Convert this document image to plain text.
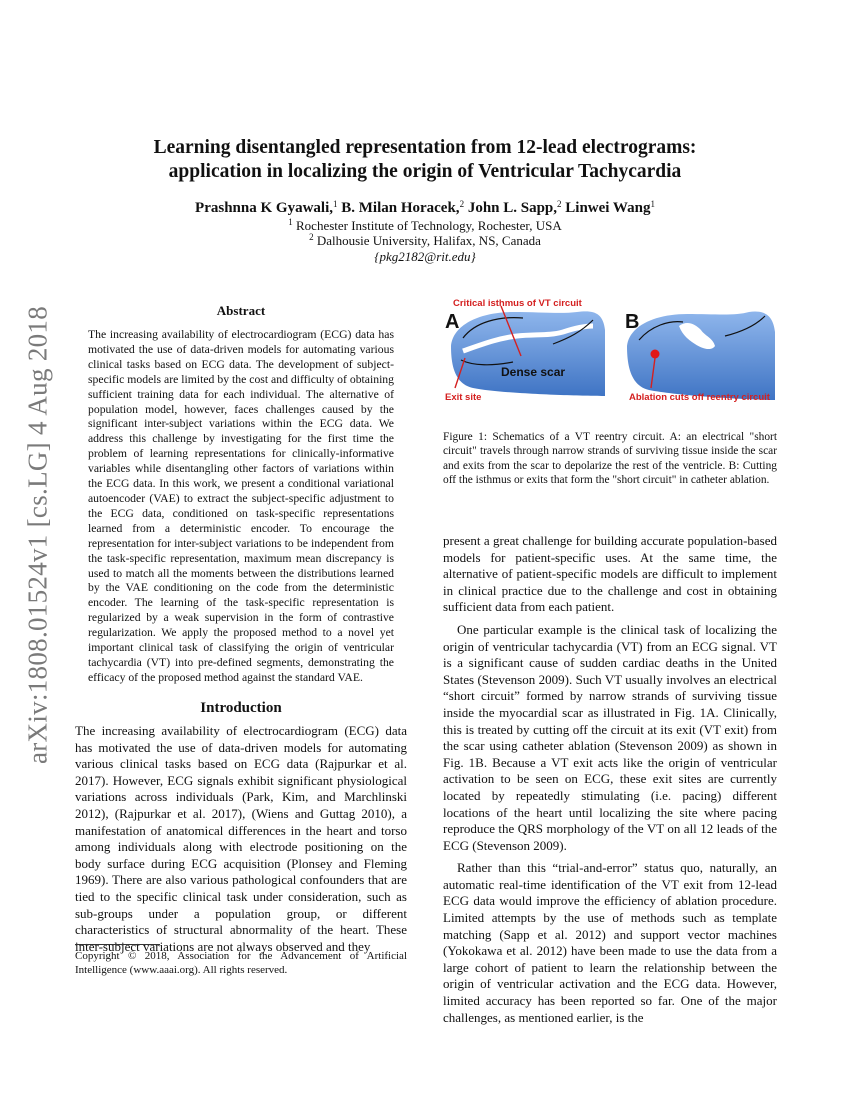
arXiv:1808.01524v1 [cs.LG] 4 Aug 2018
Learning disentangled representation from 12-lead electrograms:
application in localizing the origin of Ventricular Tachycardia
Prashnna K Gyawali,$^1$ B. Milan Horacek,$^2$ John L. Sapp,$^2$ Linwei Wang$^1$
$^1$ Rochester Institute of Technology, Rochester, USA
$^2$ Dalhousie University, Halifax, NS, Canada
{pkg2182@rit.edu}
Abstract
The increasing availability of electrocardiogram (ECG) data has motivated the use of data-driven models for automating various clinical tasks based on ECG data. The development of subject-specific models are limited by the cost and difficulty of obtaining sufficient training data for each individual. The alternative of population model, however, faces challenges caused by the significant inter-subject variations within the ECG data. We address this challenge by investigating for the first time the problem of learning representations for clinically-informative variables while disentangling other factors of variations within the ECG data. In this work, we present a conditional variational autoencoder (VAE) to extract the subject-specific adjustment to the ECG data, conditioned on task-specific representations learned from a deterministic encoder. To encourage the representation for inter-subject variations to be independent from the task-specific representation, maximum mean discrepancy is used to match all the moments between the distributions learned by the VAE conditioning on the code from the deterministic encoder. The learning of the task-specific representation is regularized by a weak supervision in the form of contrastive regularization. We apply the proposed method to a novel yet important clinical task of classifying the origin of ventricular tachycardia (VT) into pre-defined segments, demonstrating the efficacy of the proposed method against the standard VAE.
Introduction
The increasing availability of electrocardiogram (ECG) data has motivated the use of data-driven models for automating various clinical tasks based on ECG data (Rajpurkar et al. 2017). However, ECG signals exhibit significant physiological variations across individuals (Park, Kim, and Marchlinski 2012), (Rajpurkar et al. 2017), (Wiens and Guttag 2010), a manifestation of anatomical differences in the heart and torso among individuals along with electrode positioning on the body surface during ECG acquisition (Plonsey and Fleming 1969). There are also various pathological confounders that are tied to the specific clinical task under consideration, such as sub-groups under a population group, or different characteristics of structural abnormality of the heart. These inter-subject variations are not always observed and they
Copyright © 2018, Association for the Advancement of Artificial Intelligence (www.aaai.org). All rights reserved.
A
Critical isthmus of VT circuit
Dense scar
Exit site
B
Ablation cuts off reentry circuit
Figure 1: Schematics of a VT reentry circuit. A: an electrical "short circuit" travels through narrow strands of surviving tissue inside the scar and exits from the scar to depolarize the rest of the ventricle. B: Cutting off the isthmus or exits that form the "short circuit" in catheter ablation.

present a great challenge for building accurate population-based models for patient-specific uses. At the same time, the alternative of patient-specific models are difficult to implement in clinical practice due to the challenge and cost in obtaining sufficient data from each patient.

One particular example is the clinical task of localizing the origin of ventricular tachycardia (VT) from an ECG signal. VT is a significant cause of sudden cardiac deaths in the United States (Stevenson 2009). Such VT usually involves an electrical “short circuit” formed by narrow strands of surviving tissue inside the myocardial scar as illustrated in Fig. 1A. Clinically, this is treated by cutting off the circuit at its exit (VT exit) from the scar using catheter ablation (Stevenson 2009) as shown in Fig. 1B. Because a VT exit acts like the origin of ventricular activation to be seen on ECG, these exit sites are currently located by repeatedly stimulating (i.e. pacing) different locations of the heart until localizing the site where pacing reproduce the QRS morphology of the VT on all 12 leads of the ECG (Stevenson 2009).

Rather than this “trial-and-error” status quo, naturally, an automatic real-time identification of the VT exit from 12-lead ECG data would improve the efficiency of ablation procedure. Limited attempts by the use of methods such as template matching (Sapp et al. 2012) and support vector machines (Yokokawa et al. 2012) have been made to use the data from a large cohort of patient to learn the relationship between the origin of ventricular activation and the ECG data. However, limited accuracy has been reported so far. One of the major challenges, as mentioned earlier, is the
